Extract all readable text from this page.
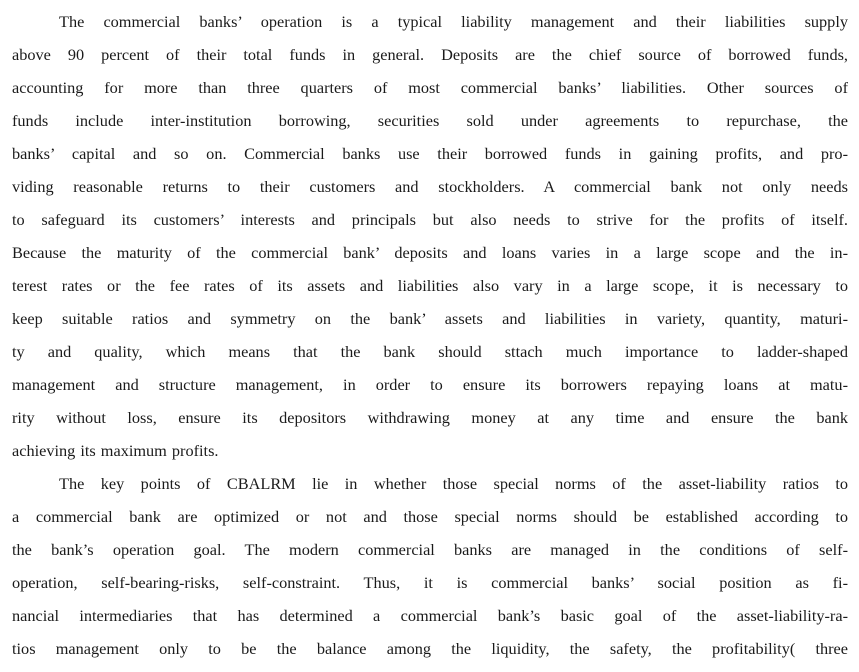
The commercial banks’ operation is a typical liability management and their liabilities supply
above 90 percent of their total funds in general. Deposits are the chief source of borrowed funds,
accounting for more than three quarters of most commercial banks’ liabilities. Other sources of
funds include inter-institution borrowing, securities sold under agreements to repurchase, the
banks’ capital and so on. Commercial banks use their borrowed funds in gaining profits, and pro-
viding reasonable returns to their customers and stockholders. A commercial bank not only needs
to safeguard its customers’ interests and principals but also needs to strive for the profits of itself.
Because the maturity of the commercial bank’ deposits and loans varies in a large scope and the in-
terest rates or the fee rates of its assets and liabilities also vary in a large scope, it is necessary to
keep suitable ratios and symmetry on the bank’ assets and liabilities in variety, quantity, maturi-
ty and quality, which means that the bank should sttach much importance to ladder-shaped
management and structure management, in order to ensure its borrowers repaying loans at matu-
rity without loss, ensure its depositors withdrawing money at any time and ensure the bank
achieving its maximum profits.
The key points of CBALRM lie in whether those special norms of the asset-liability ratios to
a commercial bank are optimized or not and those special norms should be established according to
the bank’s operation goal. The modern commercial banks are managed in the conditions of self-
operation, self-bearing-risks, self-constraint. Thus, it is commercial banks’ social position as fi-
nancial intermediaries that has determined a commercial bank’s basic goal of the asset-liability-ra-
tios management only to be the balance among the liquidity, the safety, the profitability( three
